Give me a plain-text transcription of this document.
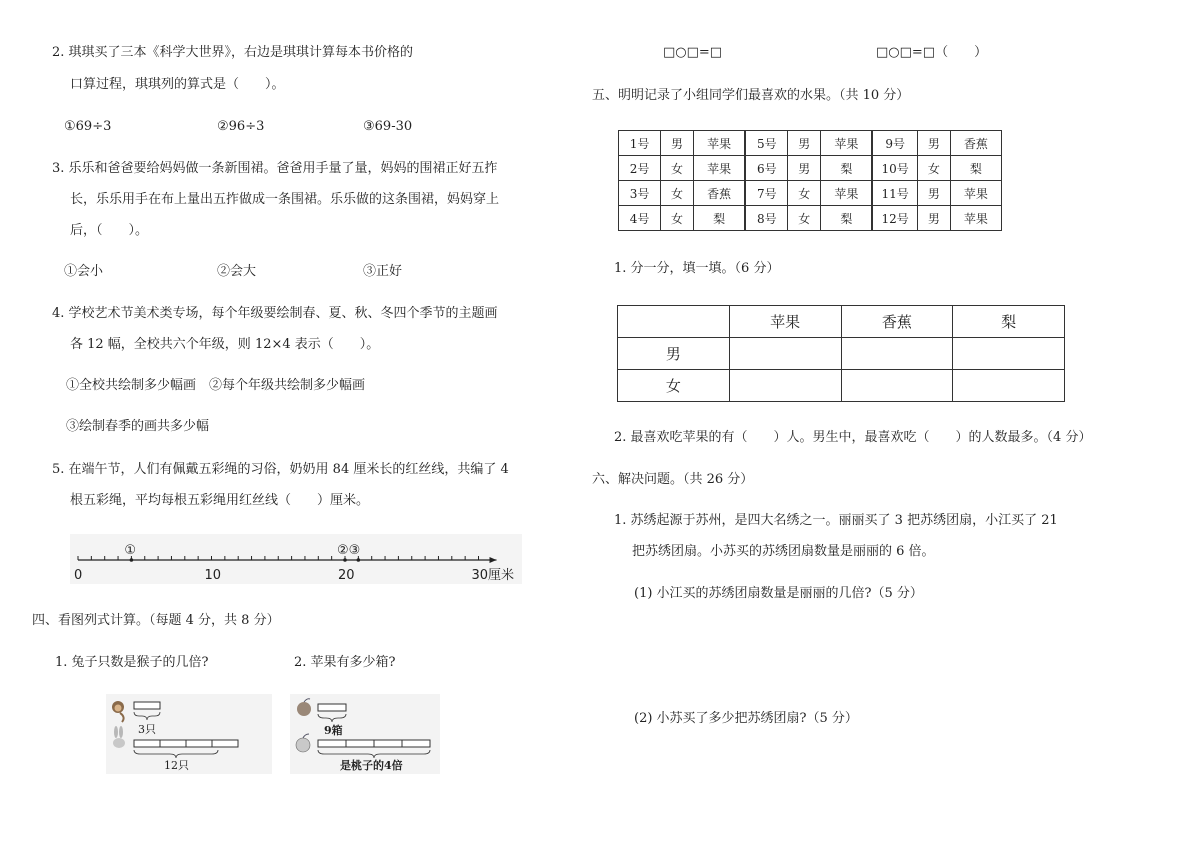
2. 琪琪买了三本《科学大世界》，右边是琪琪计算每本书价格的
口算过程，琪琪列的算式是（　　）。
①69÷3	②96÷3	③69-30
3. 乐乐和爸爸要给妈妈做一条新围裙。爸爸用手量了量，妈妈的围裙正好五拃
长，乐乐用手在布上量出五拃做成一条围裙。乐乐做的这条围裙，妈妈穿上
后，（　　）。
①会小	②会大	③正好
4. 学校艺术节美术类专场，每个年级要绘制春、夏、秋、冬四个季节的主题画
各 12 幅，全校共六个年级，则 12×4 表示（　　）。
①全校共绘制多少幅画　②每个年级共绘制多少幅画
③绘制春季的画共多少幅
5. 在端午节，人们有佩戴五彩绳的习俗，奶奶用 84 厘米长的红丝线，共编了 4
根五彩绳，平均每根五彩绳用红丝线（　　）厘米。
0	10	20	30厘米
①	②③
四、看图列式计算。（每题 4 分，共 8 分）
1. 兔子只数是猴子的几倍?	2. 苹果有多少箱?
3只
12只
9箱
是桃子的4倍
□○□=□	□○□=□（　　）
五、明明记录了小组同学们最喜欢的水果。（共 10 分）
1号	男	苹果	5号	男	苹果	9号	男	香蕉
2号	女	苹果	6号	男	梨	10号	女	梨
3号	女	香蕉	7号	女	苹果	11号	男	苹果
4号	女	梨	8号	女	梨	12号	男	苹果
1. 分一分，填一填。（6 分）
	苹果	香蕉	梨
男			
女			
2. 最喜欢吃苹果的有（　　）人。男生中，最喜欢吃（　　）的人数最多。（4 分）
六、解决问题。（共 26 分）
1. 苏绣起源于苏州，是四大名绣之一。丽丽买了 3 把苏绣团扇，小江买了 21
把苏绣团扇。小苏买的苏绣团扇数量是丽丽的 6 倍。
(1) 小江买的苏绣团扇数量是丽丽的几倍?（5 分）
(2) 小苏买了多少把苏绣团扇?（5 分）
